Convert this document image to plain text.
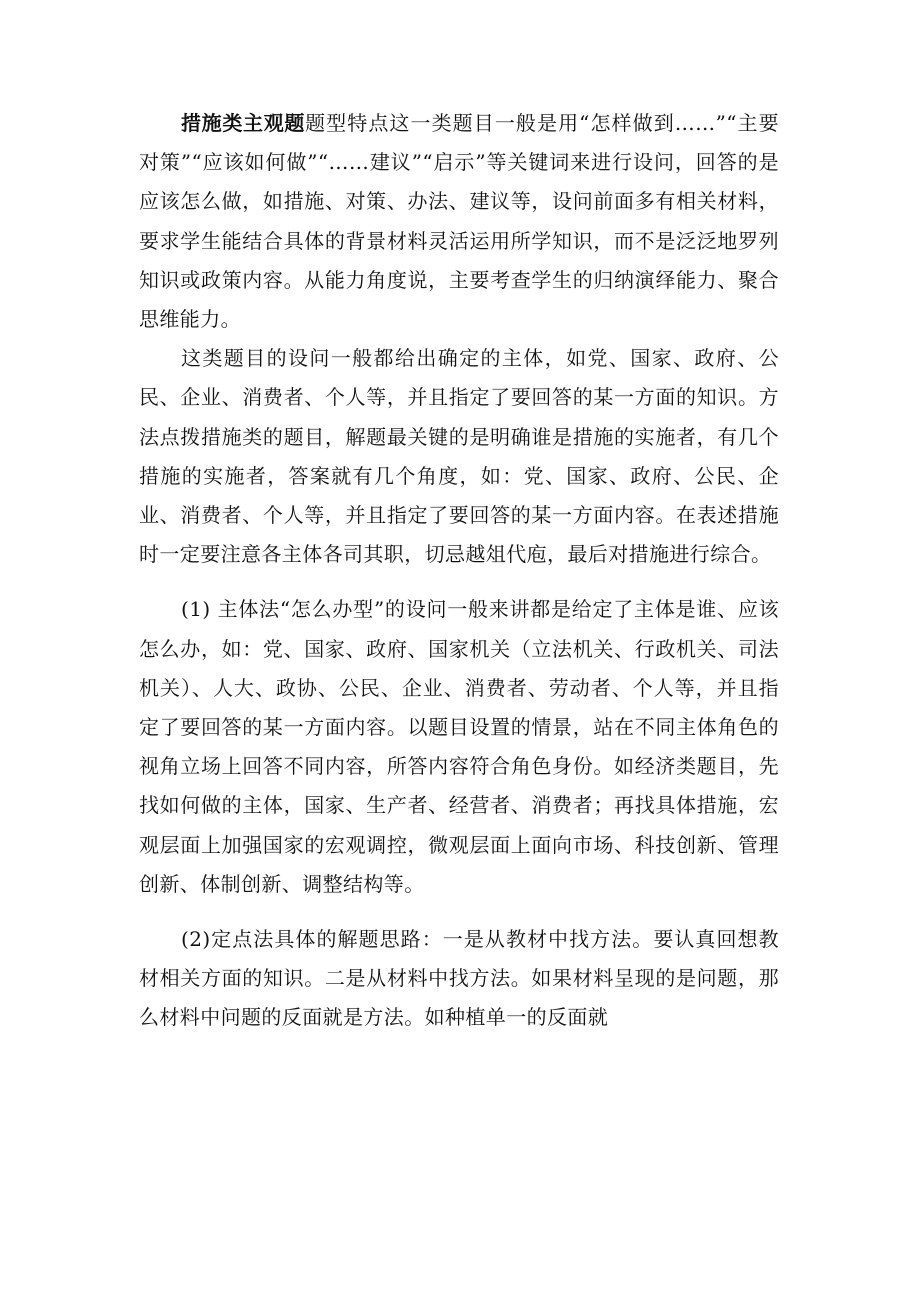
措施类主观题题型特点这一类题目一般是用“怎样做到……”“主要对策”“应该如何做”“……建议”“启示”等关键词来进行设问，回答的是应该怎么做，如措施、对策、办法、建议等，设问前面多有相关材料，要求学生能结合具体的背景材料灵活运用所学知识，而不是泛泛地罗列知识或政策内容。从能力角度说，主要考查学生的归纳演绎能力、聚合思维能力。

这类题目的设问一般都给出确定的主体，如党、国家、政府、公民、企业、消费者、个人等，并且指定了要回答的某一方面的知识。方法点拨措施类的题目，解题最关键的是明确谁是措施的实施者，有几个措施的实施者，答案就有几个角度，如：党、国家、政府、公民、企业、消费者、个人等，并且指定了要回答的某一方面内容。在表述措施时一定要注意各主体各司其职，切忌越俎代庖，最后对措施进行综合。

(1) 主体法“怎么办型”的设问一般来讲都是给定了主体是谁、应该怎么办，如：党、国家、政府、国家机关（立法机关、行政机关、司法机关）、人大、政协、公民、企业、消费者、劳动者、个人等，并且指定了要回答的某一方面内容。以题目设置的情景，站在不同主体角色的视角立场上回答不同内容，所答内容符合角色身份。如经济类题目，先找如何做的主体，国家、生产者、经营者、消费者；再找具体措施，宏观层面上加强国家的宏观调控，微观层面上面向市场、科技创新、管理创新、体制创新、调整结构等。

(2)定点法具体的解题思路：一是从教材中找方法。要认真回想教材相关方面的知识。二是从材料中找方法。如果材料呈现的是问题，那么材料中问题的反面就是方法。如种植单一的反面就
